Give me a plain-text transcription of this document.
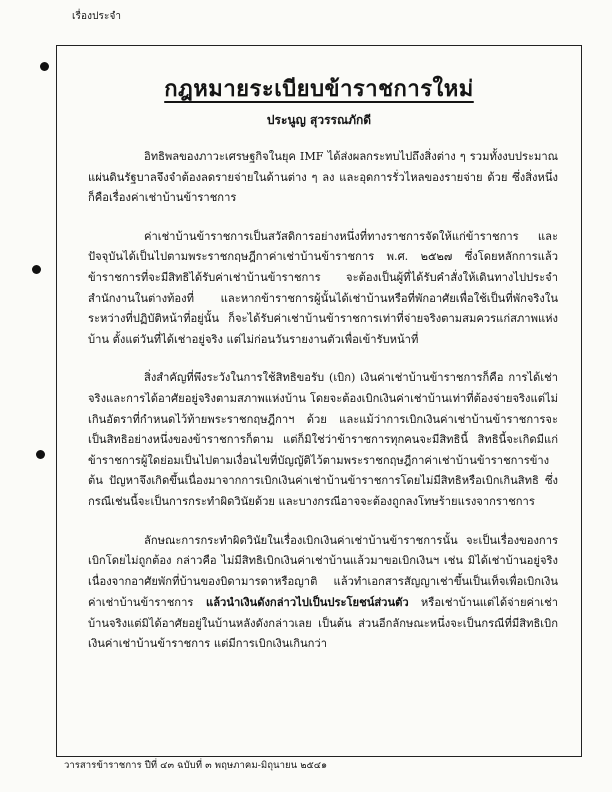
เรื่องประจำ
กฎหมายระเบียบข้าราชการใหม่
ประนูญ สุวรรณภักดี

อิทธิพลของภาวะเศรษฐกิจในยุค IMF ได้ส่งผลกระทบไปถึงสิ่งต่าง ๆ รวมทั้งงบประมาณแผ่นดินรัฐบาลจึงจำต้องลดรายจ่ายในด้านต่าง ๆ ลง และอุดการรั่วไหลของรายจ่าย ด้วย ซึ่งสิ่งหนึ่งก็คือเรื่องค่าเช่าบ้านข้าราชการ

ค่าเช่าบ้านข้าราชการเป็นสวัสดิการอย่างหนึ่งที่ทางราชการจัดให้แก่ข้าราชการ และปัจจุบันได้เป็นไปตามพระราชกฤษฎีกาค่าเช่าบ้านข้าราชการ พ.ศ. ๒๕๒๗ ซึ่งโดยหลักการแล้ว ข้าราชการที่จะมีสิทธิได้รับค่าเช่าบ้านข้าราชการ จะต้องเป็นผู้ที่ได้รับคำสั่งให้เดินทางไปประจำสำนักงานในต่างท้องที่ และหากข้าราชการผู้นั้นได้เช่าบ้านหรือที่พักอาศัยเพื่อใช้เป็นที่พักจริงในระหว่างที่ปฏิบัติหน้าที่อยู่นั้น ก็จะได้รับค่าเช่าบ้านข้าราชการเท่าที่จ่ายจริงตามสมควรแก่สภาพแห่งบ้าน ตั้งแต่วันที่ได้เช่าอยู่จริง แต่ไม่ก่อนวันรายงานตัวเพื่อเข้ารับหน้าที่

สิ่งสำคัญที่พึงระวังในการใช้สิทธิขอรับ (เบิก) เงินค่าเช่าบ้านข้าราชการก็คือ การได้เช่าจริงและการได้อาศัยอยู่จริงตามสภาพแห่งบ้าน โดยจะต้องเบิกเงินค่าเช่าบ้านเท่าที่ต้องจ่ายจริงแต่ไม่เกินอัตราที่กำหนดไว้ท้ายพระราชกฤษฎีกาฯ ด้วย และแม้ว่าการเบิกเงินค่าเช่าบ้านข้าราชการจะเป็นสิทธิอย่างหนึ่งของข้าราชการก็ตาม แต่ก็มิใช่ว่าข้าราชการทุกคนจะมีสิทธินี้ สิทธินี้จะเกิดมีแก่ข้าราชการผู้ใดย่อมเป็นไปตามเงื่อนไขที่บัญญัติไว้ตามพระราชกฤษฎีกาค่าเช่าบ้านข้าราชการข้างต้น ปัญหาจึงเกิดขึ้นเนื่องมาจากการเบิกเงินค่าเช่าบ้านข้าราชการโดยไม่มีสิทธิหรือเบิกเกินสิทธิ ซึ่งกรณีเช่นนี้จะเป็นการกระทำผิดวินัยด้วย และบางกรณีอาจจะต้องถูกลงโทษร้ายแรงจากราชการ

ลักษณะการกระทำผิดวินัยในเรื่องเบิกเงินค่าเช่าบ้านข้าราชการนั้น จะเป็นเรื่องของการเบิกโดยไม่ถูกต้อง กล่าวคือ ไม่มีสิทธิเบิกเงินค่าเช่าบ้านแล้วมาขอเบิกเงินฯ เช่น มิได้เช่าบ้านอยู่จริง เนื่องจากอาศัยพักที่บ้านของบิดามารดาหรือญาติ แล้วทำเอกสารสัญญาเช่าขึ้นเป็นเท็จเพื่อเบิกเงินค่าเช่าบ้านข้าราชการ แล้วนำเงินดังกล่าวไปเป็นประโยชน์ส่วนตัว หรือเช่าบ้านแต่ได้จ่ายค่าเช่าบ้านจริงแต่มิได้อาศัยอยู่ในบ้านหลังดังกล่าวเลย เป็นต้น ส่วนอีกลักษณะหนึ่งจะเป็นกรณีที่มีสิทธิเบิกเงินค่าเช่าบ้านข้าราชการ แต่มีการเบิกเงินเกินกว่า

วารสารข้าราชการ ปีที่ ๔๓ ฉบับที่ ๓ พฤษภาคม-มิถุนายน ๒๕๔๑
